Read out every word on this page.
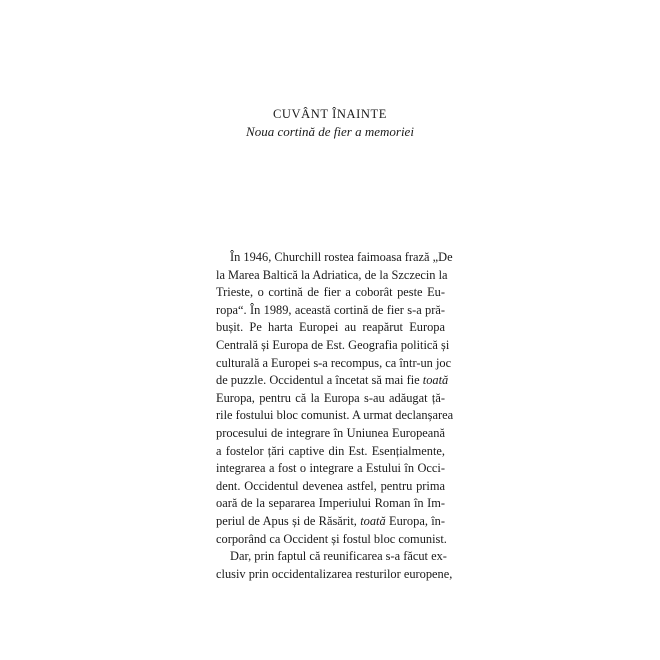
CUVÂNT ÎNAINTE
Noua cortină de fier a memoriei
În 1946, Churchill rostea faimoasa frază „De
la Marea Baltică la Adriatica, de la Szczecin la
Trieste, o cortină de fier a coborât peste Eu-
ropa“. În 1989, această cortină de fier s-a pră-
bușit. Pe harta Europei au reapărut Europa
Centrală și Europa de Est. Geografia politică și
culturală a Europei s-a recompus, ca într-un joc
de puzzle. Occidentul a încetat să mai fie toată
Europa, pentru că la Europa s-au adăugat ță-
rile fostului bloc comunist. A urmat declanșarea
procesului de integrare în Uniunea Europeană
a fostelor țări captive din Est. Esențialmente,
integrarea a fost o integrare a Estului în Occi-
dent. Occidentul devenea astfel, pentru prima
oară de la separarea Imperiului Roman în Im-
periul de Apus și de Răsărit, toată Europa, în-
corporând ca Occident și fostul bloc comunist.
Dar, prin faptul că reunificarea s-a făcut ex-
clusiv prin occidentalizarea resturilor europene,
